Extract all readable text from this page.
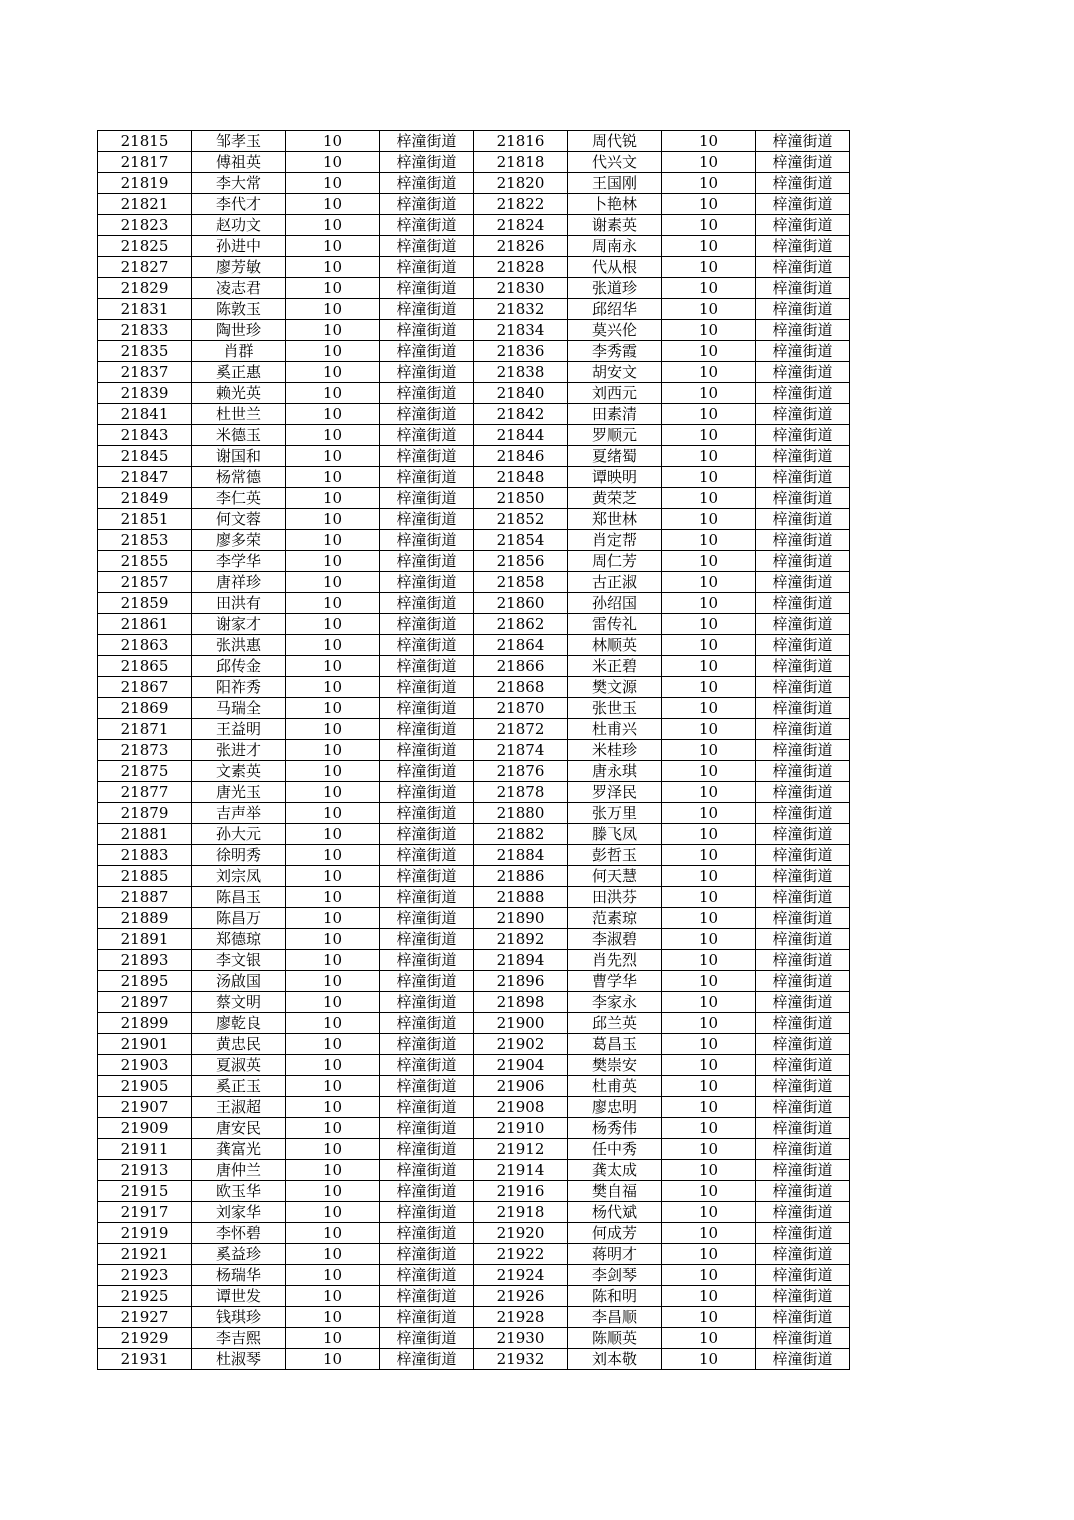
21815	邹孝玉	10	梓潼街道	21816	周代锐	10	梓潼街道
21817	傅祖英	10	梓潼街道	21818	代兴文	10	梓潼街道
21819	李大常	10	梓潼街道	21820	王国刚	10	梓潼街道
21821	李代才	10	梓潼街道	21822	卜艳林	10	梓潼街道
21823	赵功文	10	梓潼街道	21824	谢素英	10	梓潼街道
21825	孙进中	10	梓潼街道	21826	周南永	10	梓潼街道
21827	廖芳敏	10	梓潼街道	21828	代从根	10	梓潼街道
21829	凌志君	10	梓潼街道	21830	张道珍	10	梓潼街道
21831	陈敦玉	10	梓潼街道	21832	邱绍华	10	梓潼街道
21833	陶世珍	10	梓潼街道	21834	莫兴伦	10	梓潼街道
21835	肖群	10	梓潼街道	21836	李秀霞	10	梓潼街道
21837	奚正惠	10	梓潼街道	21838	胡安文	10	梓潼街道
21839	赖光英	10	梓潼街道	21840	刘西元	10	梓潼街道
21841	杜世兰	10	梓潼街道	21842	田素清	10	梓潼街道
21843	米德玉	10	梓潼街道	21844	罗顺元	10	梓潼街道
21845	谢国和	10	梓潼街道	21846	夏绪蜀	10	梓潼街道
21847	杨常德	10	梓潼街道	21848	谭映明	10	梓潼街道
21849	李仁英	10	梓潼街道	21850	黄荣芝	10	梓潼街道
21851	何文蓉	10	梓潼街道	21852	郑世林	10	梓潼街道
21853	廖多荣	10	梓潼街道	21854	肖定帮	10	梓潼街道
21855	李学华	10	梓潼街道	21856	周仁芳	10	梓潼街道
21857	唐祥珍	10	梓潼街道	21858	古正淑	10	梓潼街道
21859	田洪有	10	梓潼街道	21860	孙绍国	10	梓潼街道
21861	谢家才	10	梓潼街道	21862	雷传礼	10	梓潼街道
21863	张洪惠	10	梓潼街道	21864	林顺英	10	梓潼街道
21865	邱传金	10	梓潼街道	21866	米正碧	10	梓潼街道
21867	阳祚秀	10	梓潼街道	21868	樊文源	10	梓潼街道
21869	马瑞全	10	梓潼街道	21870	张世玉	10	梓潼街道
21871	王益明	10	梓潼街道	21872	杜甫兴	10	梓潼街道
21873	张进才	10	梓潼街道	21874	米桂珍	10	梓潼街道
21875	文素英	10	梓潼街道	21876	唐永琪	10	梓潼街道
21877	唐光玉	10	梓潼街道	21878	罗泽民	10	梓潼街道
21879	吉声举	10	梓潼街道	21880	张万里	10	梓潼街道
21881	孙大元	10	梓潼街道	21882	滕飞凤	10	梓潼街道
21883	徐明秀	10	梓潼街道	21884	彭哲玉	10	梓潼街道
21885	刘宗凤	10	梓潼街道	21886	何天慧	10	梓潼街道
21887	陈昌玉	10	梓潼街道	21888	田洪芬	10	梓潼街道
21889	陈昌万	10	梓潼街道	21890	范素琼	10	梓潼街道
21891	郑德琼	10	梓潼街道	21892	李淑碧	10	梓潼街道
21893	李文银	10	梓潼街道	21894	肖先烈	10	梓潼街道
21895	汤啟国	10	梓潼街道	21896	曹学华	10	梓潼街道
21897	蔡文明	10	梓潼街道	21898	李家永	10	梓潼街道
21899	廖乾良	10	梓潼街道	21900	邱兰英	10	梓潼街道
21901	黄忠民	10	梓潼街道	21902	葛昌玉	10	梓潼街道
21903	夏淑英	10	梓潼街道	21904	樊崇安	10	梓潼街道
21905	奚正玉	10	梓潼街道	21906	杜甫英	10	梓潼街道
21907	王淑超	10	梓潼街道	21908	廖忠明	10	梓潼街道
21909	唐安民	10	梓潼街道	21910	杨秀伟	10	梓潼街道
21911	龚富光	10	梓潼街道	21912	任中秀	10	梓潼街道
21913	唐仲兰	10	梓潼街道	21914	龚太成	10	梓潼街道
21915	欧玉华	10	梓潼街道	21916	樊自福	10	梓潼街道
21917	刘家华	10	梓潼街道	21918	杨代斌	10	梓潼街道
21919	李怀碧	10	梓潼街道	21920	何成芳	10	梓潼街道
21921	奚益珍	10	梓潼街道	21922	蒋明才	10	梓潼街道
21923	杨瑞华	10	梓潼街道	21924	李剑琴	10	梓潼街道
21925	谭世发	10	梓潼街道	21926	陈和明	10	梓潼街道
21927	钱琪珍	10	梓潼街道	21928	李昌顺	10	梓潼街道
21929	李吉熙	10	梓潼街道	21930	陈顺英	10	梓潼街道
21931	杜淑琴	10	梓潼街道	21932	刘本敬	10	梓潼街道
